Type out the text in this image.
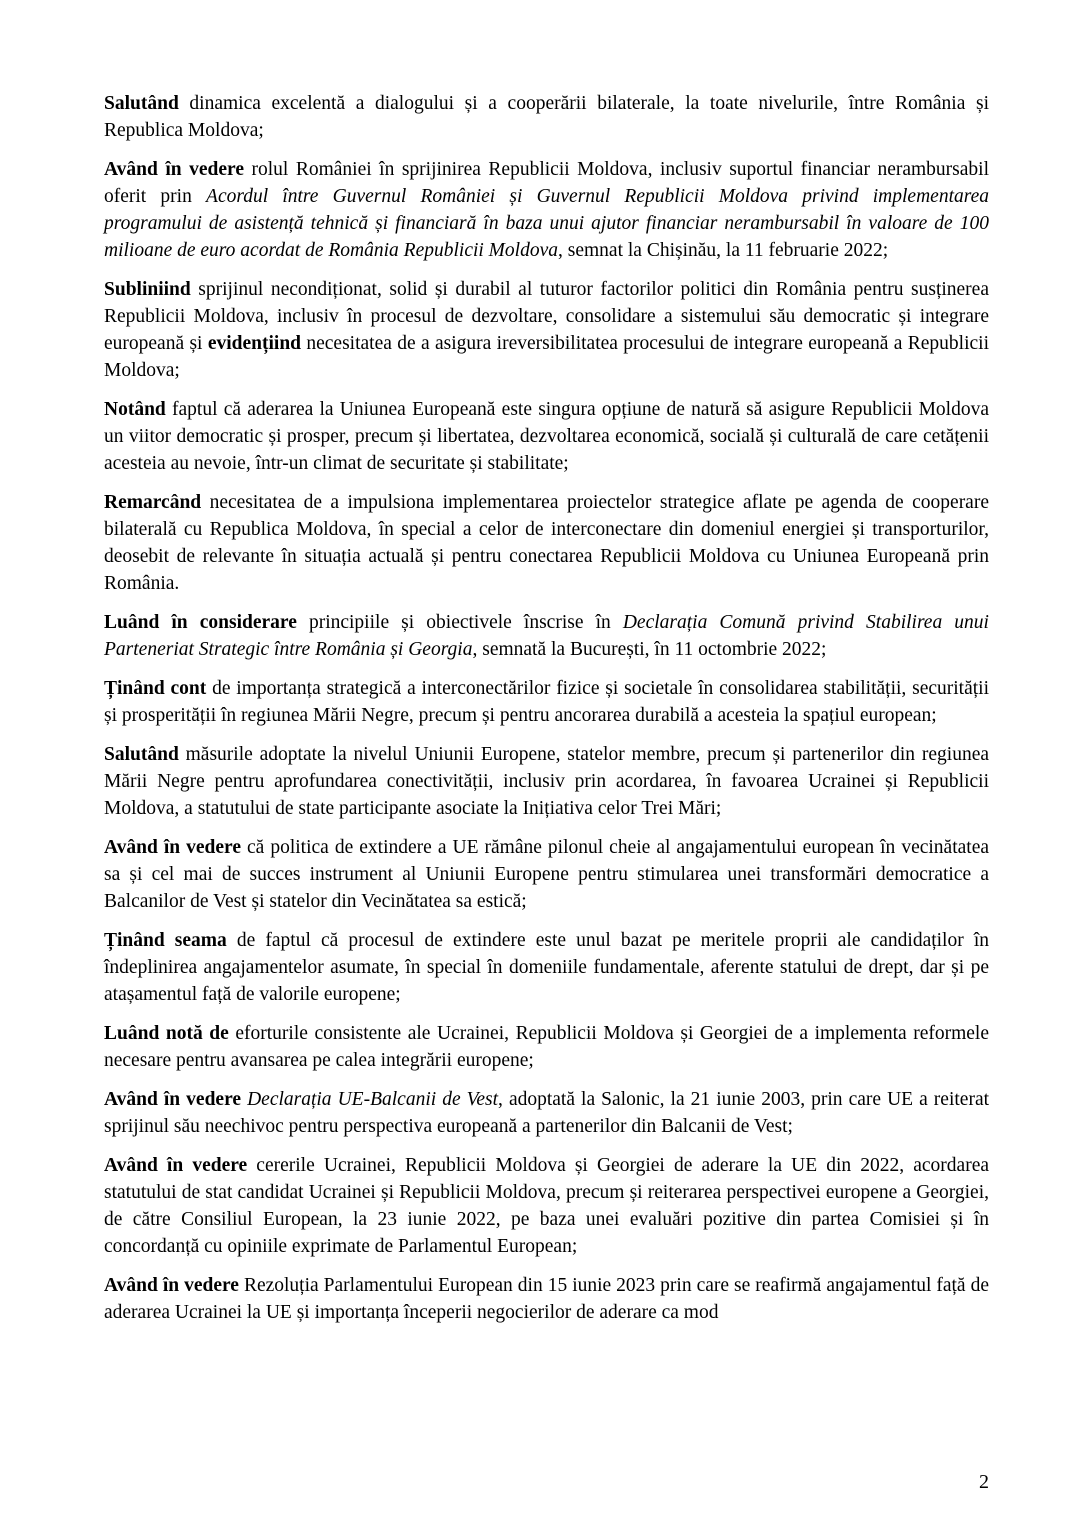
Salutând dinamica excelentă a dialogului și a cooperării bilaterale, la toate nivelurile, între România și Republica Moldova;

Având în vedere rolul României în sprijinirea Republicii Moldova, inclusiv suportul financiar nerambursabil oferit prin Acordul între Guvernul României și Guvernul Republicii Moldova privind implementarea programului de asistență tehnică și financiară în baza unui ajutor financiar nerambursabil în valoare de 100 milioane de euro acordat de România Republicii Moldova, semnat la Chișinău, la 11 februarie 2022;

Subliniind sprijinul necondiționat, solid și durabil al tuturor factorilor politici din România pentru susținerea Republicii Moldova, inclusiv în procesul de dezvoltare, consolidare a sistemului său democratic și integrare europeană și evidențiind necesitatea de a asigura ireversibilitatea procesului de integrare europeană a Republicii Moldova;

Notând faptul că aderarea la Uniunea Europeană este singura opțiune de natură să asigure Republicii Moldova un viitor democratic și prosper, precum și libertatea, dezvoltarea economică, socială și culturală de care cetățenii acesteia au nevoie, într-un climat de securitate și stabilitate;

Remarcând necesitatea de a impulsiona implementarea proiectelor strategice aflate pe agenda de cooperare bilaterală cu Republica Moldova, în special a celor de interconectare din domeniul energiei și transporturilor, deosebit de relevante în situația actuală și pentru conectarea Republicii Moldova cu Uniunea Europeană prin România.

Luând în considerare principiile și obiectivele înscrise în Declarația Comună privind Stabilirea unui Parteneriat Strategic între România și Georgia, semnată la București, în 11 octombrie 2022;

Ținând cont de importanța strategică a interconectărilor fizice și societale în consolidarea stabilității, securității și prosperității în regiunea Mării Negre, precum și pentru ancorarea durabilă a acesteia la spațiul european;

Salutând măsurile adoptate la nivelul Uniunii Europene, statelor membre, precum și partenerilor din regiunea Mării Negre pentru aprofundarea conectivității, inclusiv prin acordarea, în favoarea Ucrainei și Republicii Moldova, a statutului de state participante asociate la Inițiativa celor Trei Mări;

Având în vedere că politica de extindere a UE rămâne pilonul cheie al angajamentului european în vecinătatea sa și cel mai de succes instrument al Uniunii Europene pentru stimularea unei transformări democratice a Balcanilor de Vest și statelor din Vecinătatea sa estică;

Ținând seama de faptul că procesul de extindere este unul bazat pe meritele proprii ale candidaților în îndeplinirea angajamentelor asumate, în special în domeniile fundamentale, aferente statului de drept, dar și pe atașamentul față de valorile europene;

Luând notă de eforturile consistente ale Ucrainei, Republicii Moldova și Georgiei de a implementa reformele necesare pentru avansarea pe calea integrării europene;

Având în vedere Declarația UE-Balcanii de Vest, adoptată la Salonic, la 21 iunie 2003, prin care UE a reiterat sprijinul său neechivoc pentru perspectiva europeană a partenerilor din Balcanii de Vest;

Având în vedere cererile Ucrainei, Republicii Moldova și Georgiei de aderare la UE din 2022, acordarea statutului de stat candidat Ucrainei și Republicii Moldova, precum și reiterarea perspectivei europene a Georgiei, de către Consiliul European, la 23 iunie 2022, pe baza unei evaluări pozitive din partea Comisiei și în concordanță cu opiniile exprimate de Parlamentul European;

Având în vedere Rezoluția Parlamentului European din 15 iunie 2023 prin care se reafirmă angajamentul față de aderarea Ucrainei la UE și importanța începerii negocierilor de aderare ca mod

2
